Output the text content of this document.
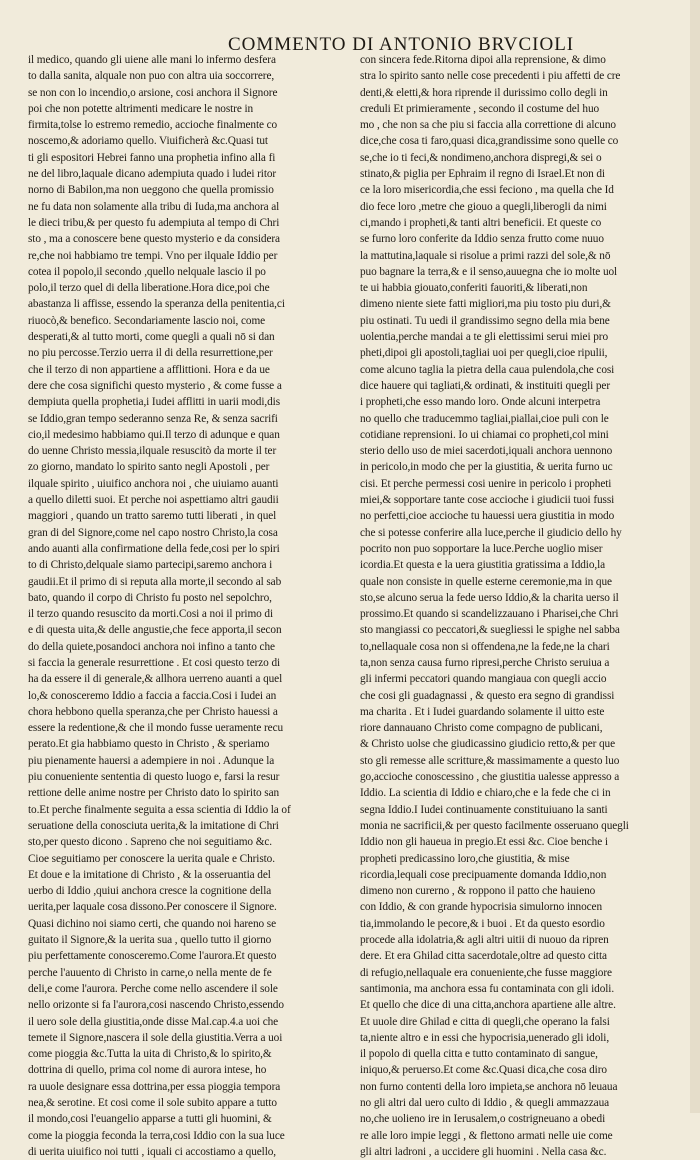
COMMENTO DI ANTONIO BRVCIOLI
il medico, quando gli uiene alle mani lo infermo desfera
to dalla sanita, alquale non puo con altra uia soccorrere,
se non con lo incendio,o arsione, cosi anchora il Signore
poi che non potette altrimenti medicare le nostre in
firmita,tolse lo estremo remedio, accioche finalmente co
noscemo,& adoriamo quello. Viuificherà &c.Quasi tut
ti gli espositori Hebrei fanno una prophetia infino alla fi
ne del libro,laquale dicano adempiuta quado i ludei ritor
norno di Babilon,ma non ueggono che quella promissio
ne fu data non solamente alla tribu di Iuda,ma anchora al
le dieci tribu,& per questo fu adempiuta al tempo di Chri
sto , ma a conoscere bene questo mysterio e da considera
re,che noi habbiamo tre tempi. Vno per ilquale Iddio per
cotea il popolo,il secondo ,quello nelquale lascio il po
polo,il terzo quel di della liberatione.Hora dice,poi che
abastanza li affisse, essendo la speranza della penitentia,ci
riuocò,& benefico. Secondariamente lascio noi, come
desperati,& al tutto morti, come quegli a quali nō si dan
no piu percosse.Terzio uerra il di della resurrettione,per
che il terzo di non appartiene a afflittioni. Hora e da ue
dere che cosa significhi questo mysterio , & come fusse a
dempiuta quella prophetia,i Iudei afflitti in uarii modi,dis
se Iddio,gran tempo sederanno senza Re, & senza sacrifi
cio,il medesimo habbiamo qui.Il terzo di adunque e quan
do uenne Christo messia,ilquale resuscitò da morte il ter
zo giorno, mandato lo spirito santo negli Apostoli , per
ilquale spirito , uiuifico anchora noi , che uiuiamo auanti
a quello diletti suoi. Et perche noi aspettiamo altri gaudii
maggiori , quando un tratto saremo tutti liberati , in quel
gran di del Signore,come nel capo nostro Christo,la cosa
ando auanti alla confirmatione della fede,cosi per lo spiri
to di Christo,delquale siamo partecipi,saremo anchora i
gaudii.Et il primo di si reputa alla morte,il secondo al sab
bato, quando il corpo di Christo fu posto nel sepolchro,
il terzo quando resuscito da morti.Cosi a noi il primo di
e di questa uita,& delle angustie,che fece apporta,il secon
do della quiete,posandoci anchora noi infino a tanto che
si faccia la generale resurrettione . Et cosi questo terzo di
ha da essere il di generale,& allhora uerreno auanti a quel
lo,& conosceremo Iddio a faccia a faccia.Cosi i Iudei an
chora hebbono quella speranza,che per Christo hauessi a
essere la redentione,& che il mondo fusse ueramente recu
perato.Et gia habbiamo questo in Christo , & speriamo
piu pienamente hauersi a adempiere in noi . Adunque la
piu conueniente sententia di questo luogo e, farsi la resur
rettione delle anime nostre per Christo dato lo spirito san
to.Et perche finalmente seguita a essa scientia di Iddio la of
seruatione della conosciuta uerita,& la imitatione di Chri
sto,per questo dicono . Sapreno che noi seguitiamo &c.
Cioe seguitiamo per conoscere la uerita quale e Christo.
Et doue e la imitatione di Christo , & la osseruantia del
uerbo di Iddio ,quiui anchora cresce la cognitione della
uerita,per laquale cosa dissono.Per conoscere il Signore.
Quasi dichino noi siamo certi, che quando noi hareno se
guitato il Signore,& la uerita sua , quello tutto il giorno
piu perfettamente conosceremo.Come l'aurora.Et questo
perche l'auuento di Christo in carne,o nella mente de fe
deli,e come l'aurora. Perche come nello ascendere il sole
nello orizonte si fa l'aurora,cosi nascendo Christo,essendo
il uero sole della giustitia,onde disse Mal.cap.4.a uoi che
temete il Signore,nascera il sole della giustitia.Verra a uoi
come pioggia &c.Tutta la uita di Christo,& lo spirito,&
dottrina di quello, prima col nome di aurora intese, ho
ra uuole designare essa dottrina,per essa pioggia tempora
nea,& serotine. Et cosi come il sole subito appare a tutto
il mondo,cosi l'euangelio apparse a tutti gli huomini, &
come la pioggia feconda la terra,cosi Iddio con la sua luce
di uerita uiuifico noi tutti , iquali ci accostiamo a quello,
con sincera fede.Ritorna dipoi alla reprensione, & dimo
stra lo spirito santo nelle cose precedenti i piu affetti de cre
denti,& eletti,& hora riprende il durissimo collo degli in
creduli Et primieramente , secondo il costume del huo
mo , che non sa che piu si faccia alla correttione di alcuno
dice,che cosa ti faro,quasi dica,grandissime sono quelle co
se,che io ti feci,& nondimeno,anchora dispregi,& sei o
stinato,& piglia per Ephraim il regno di Israel.Et non di
ce la loro misericordia,che essi feciono , ma quella che Id
dio fece loro ,metre che giouo a quegli,liberogli da nimi
ci,mando i propheti,& tanti altri beneficii. Et queste co
se furno loro conferite da Iddio senza frutto come nuuo
la mattutina,laquale si risolue a primi razzi del sole,& nō
puo bagnare la terra,& e il senso,auuegna che io molte uol
te ui habbia giouato,conferiti fauoriti,& liberati,non
dimeno niente siete fatti migliori,ma piu tosto piu duri,&
piu ostinati. Tu uedi il grandissimo segno della mia bene
uolentia,perche mandai a te gli elettissimi serui miei pro
pheti,dipoi gli apostoli,tagliai uoi per quegli,cioe ripulii,
come alcuno taglia la pietra della caua pulendola,che cosi
dice hauere qui tagliati,& ordinati, & instituiti quegli per
i propheti,che esso mando loro. Onde alcuni interpetra
no quello che traducemmo tagliai,piallai,cioe puli con le
cotidiane reprensioni. Io ui chiamai co propheti,col mini
sterio dello uso de miei sacerdoti,iquali anchora uennono
in pericolo,in modo che per la giustitia, & uerita furno uc
cisi. Et perche permessi cosi uenire in pericolo i propheti
miei,& sopportare tante cose accioche i giudicii tuoi fussi
no perfetti,cioe accioche tu hauessi uera giustitia in modo
che si potesse conferire alla luce,perche il giudicio dello hy
pocrito non puo sopportare la luce.Perche uoglio miser
icordia.Et questa e la uera giustitia gratissima a Iddio,la
quale non consiste in quelle esterne ceremonie,ma in que
sto,se alcuno serua la fede uerso Iddio,& la charita uerso il
prossimo.Et quando si scandelizzauano i Pharisei,che Chri
sto mangiassi co peccatori,& suegliessi le spighe nel sabba
to,nellaquale cosa non si offendena,ne la fede,ne la chari
ta,non senza causa furno ripresi,perche Christo seruiua a
gli infermi peccatori quando mangiaua con quegli accio
che cosi gli guadagnassi , & questo era segno di grandissi
ma charita . Et i Iudei guardando solamente il uitto este
riore dannauano Christo come compagno de publicani,
& Christo uolse che giudicassino giudicio retto,& per que
sto gli remesse alle scritture,& massimamente a questo luo
go,accioche conoscessino , che giustitia ualesse appresso a
Iddio. La scientia di Iddio e chiaro,che e la fede che ci in
segna Iddio.I Iudei continuamente constituiuano la santi
monia ne sacrificii,& per questo facilmente osseruano quegli
Iddio non gli haueua in pregio.Et essi &c. Cioe benche i
propheti predicassino loro,che giustitia, & mise
ricordia,lequali cose precipuamente domanda Iddio,non
dimeno non curerno , & roppono il patto che hauieno
con Iddio, & con grande hypocrisia simulorno innocen
tia,immolando le pecore,& i buoi . Et da questo esordio
procede alla idolatria,& agli altri uitii di nuouo da ripren
dere. Et era Ghilad citta sacerdotale,oltre ad questo citta
di refugio,nellaquale era conueniente,che fusse maggiore
santimonia, ma anchora essa fu contaminata con gli idoli.
Et quello che dice di una citta,anchora apartiene alle altre.
Et uuole dire Ghilad e citta di quegli,che operano la falsi
ta,niente altro e in essi che hypocrisia,uenerado gli idoli,
il popolo di quella citta e tutto contaminato di sangue,
iniquo,& peruerso.Et come &c.Quasi dica,che cosa diro
non furno contenti della loro impieta,se anchora nō leuaua
no gli altri dal uero culto di Iddio , & quegli ammazzaua
no,che uolieno ire in Ierusalem,o costrigneuano a obedi
re alle loro impie leggi , & flettono armati nelle uie come
gli altri ladroni , a uccidere gli huomini . Nella casa &c.
